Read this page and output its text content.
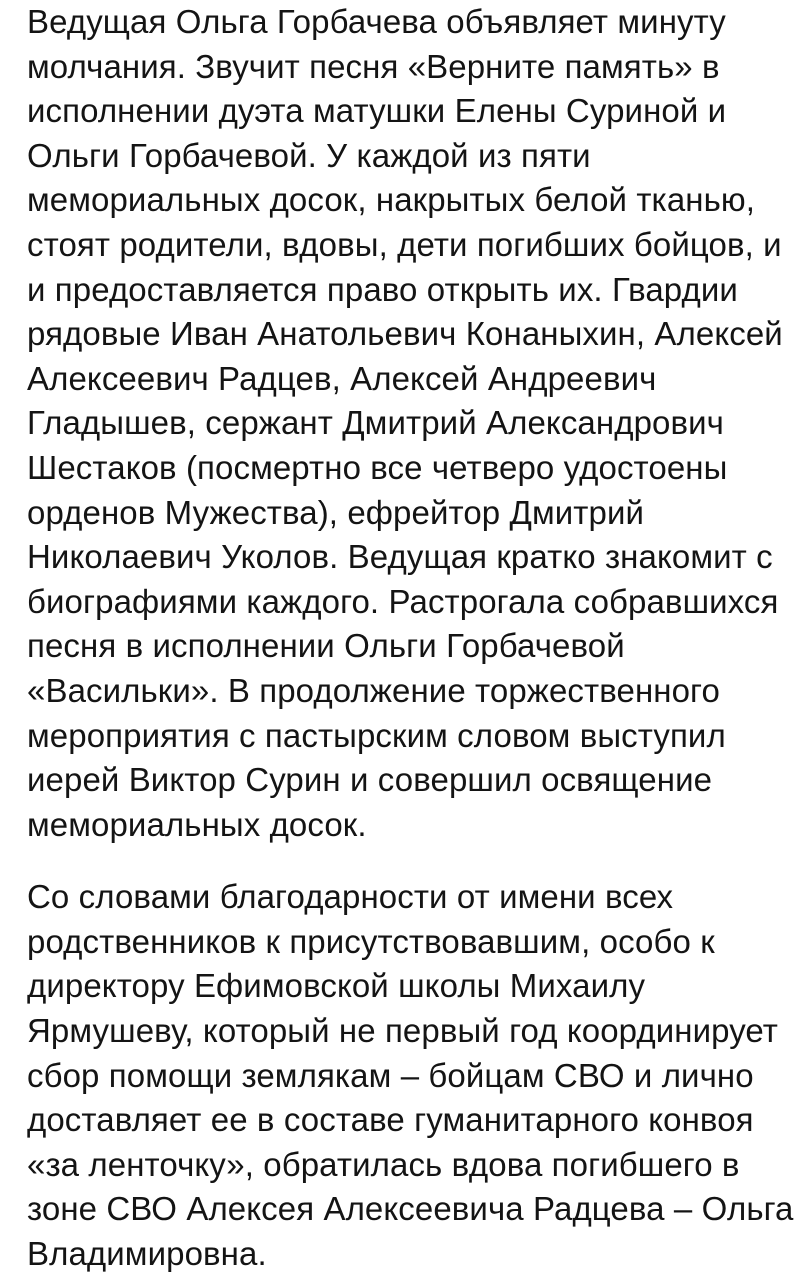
Ведущая Ольга Горбачева объявляет минуту
молчания. Звучит песня «Верните память» в
исполнении дуэта матушки Елены Суриной и
Ольги Горбачевой. У каждой из пяти
мемориальных досок, накрытых белой тканью,
стоят родители, вдовы, дети погибших бойцов, и
и предоставляется право открыть их. Гвардии
рядовые Иван Анатольевич Конаныхин, Алексей
Алексеевич Радцев, Алексей Андреевич
Гладышев, сержант Дмитрий Александрович
Шестаков (посмертно все четверо удостоены
орденов Мужества), ефрейтор Дмитрий
Николаевич Уколов. Ведущая кратко знакомит с
биографиями каждого. Растрогала собравшихся
песня в исполнении Ольги Горбачевой
«Васильки». В продолжение торжественного
мероприятия с пастырским словом выступил
иерей Виктор Сурин и совершил освящение
мемориальных досок.
Со словами благодарности от имени всех
родственников к присутствовавшим, особо к
директору Ефимовской школы Михаилу
Ярмушеву, который не первый год координирует
сбор помощи землякам – бойцам СВО и лично
доставляет ее в составе гуманитарного конвоя
«за ленточку», обратилась вдова погибшего в
зоне СВО Алексея Алексеевича Радцева – Ольга
Владимировна.
